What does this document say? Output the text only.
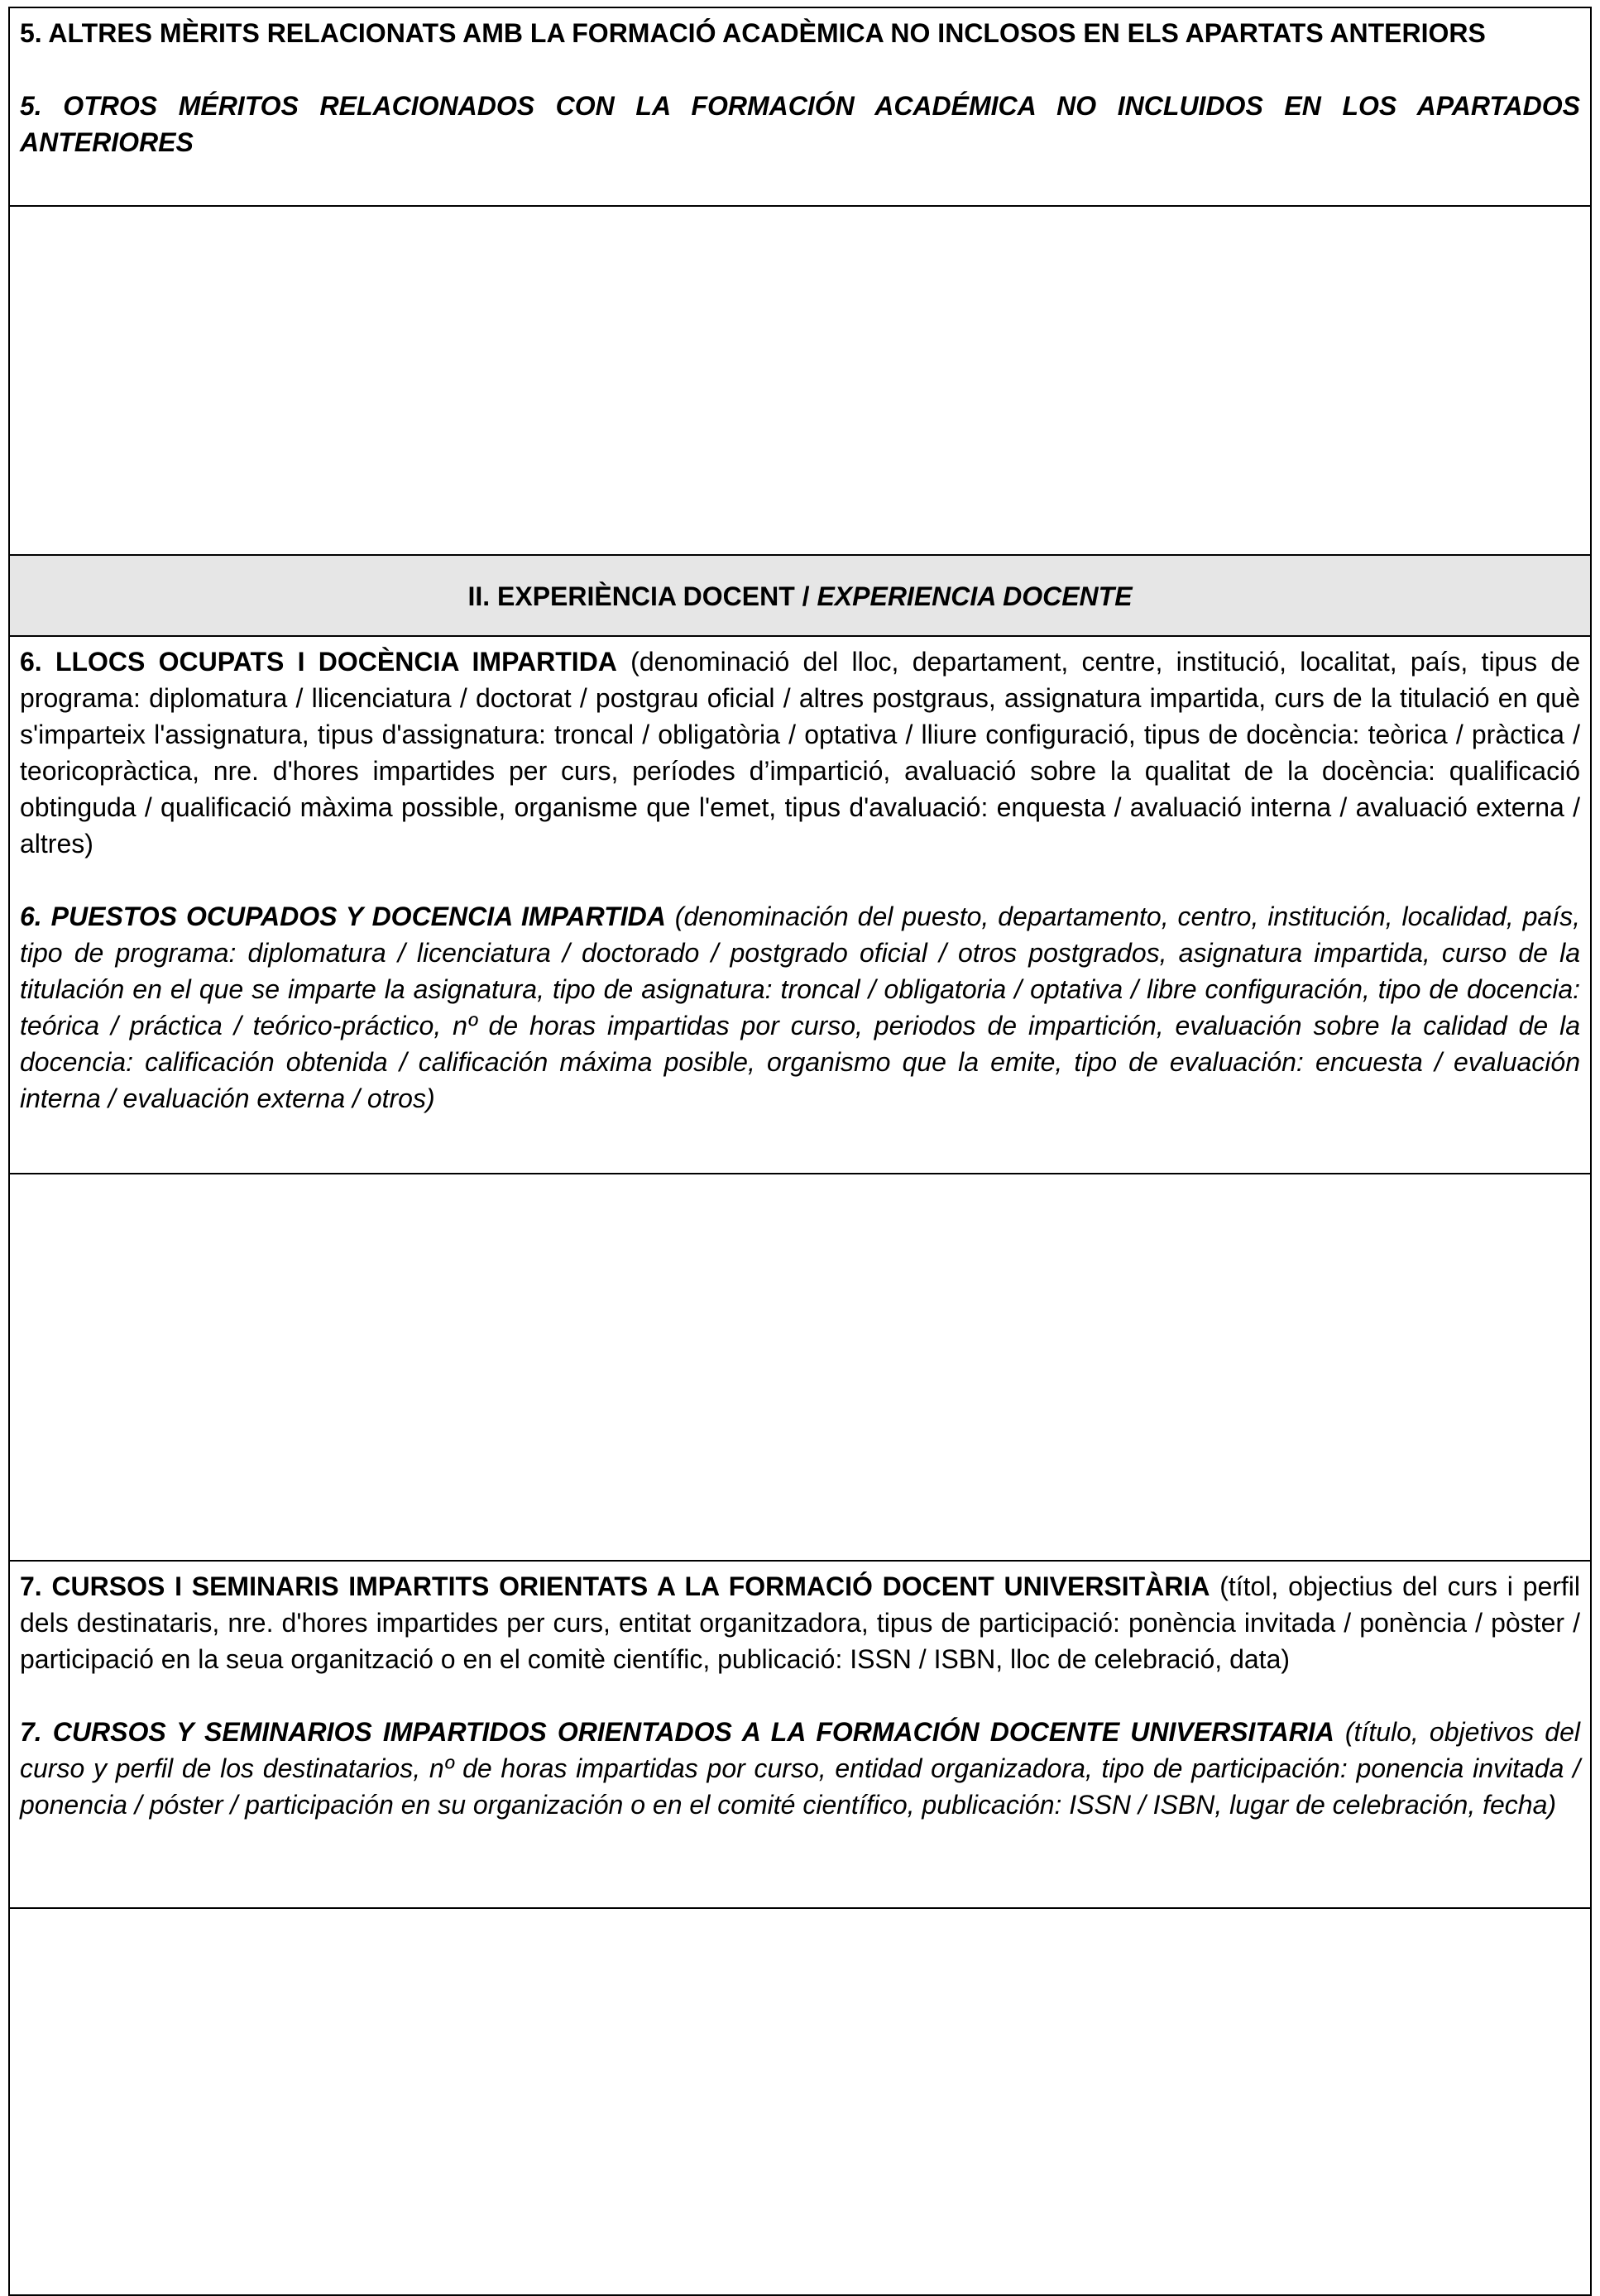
5. ALTRES MÈRITS RELACIONATS AMB LA FORMACIÓ ACADÈMICA NO INCLOSOS EN ELS APARTATS ANTERIORS
5. OTROS MÉRITOS RELACIONADOS CON LA FORMACIÓN ACADÉMICA NO INCLUIDOS EN LOS APARTADOS ANTERIORES
II. EXPERIÈNCIA DOCENT / EXPERIENCIA DOCENTE
6. LLOCS OCUPATS I DOCÈNCIA IMPARTIDA (denominació del lloc, departament, centre, institució, localitat, país, tipus de programa: diplomatura / llicenciatura / doctorat / postgrau oficial / altres postgraus, assignatura impartida, curs de la titulació en què s'imparteix l'assignatura, tipus d'assignatura: troncal / obligatòria / optativa / lliure configuració, tipus de docència: teòrica / pràctica / teoricopràctica, nre. d'hores impartides per curs, períodes d’impartició, avaluació sobre la qualitat de la docència: qualificació obtinguda / qualificació màxima possible, organisme que l'emet, tipus d'avaluació: enquesta / avaluació interna / avaluació externa / altres)
6. PUESTOS OCUPADOS Y DOCENCIA IMPARTIDA (denominación del puesto, departamento, centro, institución, localidad, país, tipo de programa: diplomatura / licenciatura / doctorado / postgrado oficial / otros postgrados, asignatura impartida, curso de la titulación en el que se imparte la asignatura, tipo de asignatura: troncal / obligatoria / optativa / libre configuración, tipo de docencia: teórica / práctica / teórico-práctico, nº de horas impartidas por curso, periodos de impartición, evaluación sobre la calidad de la docencia: calificación obtenida / calificación máxima posible, organismo que la emite, tipo de evaluación: encuesta / evaluación interna / evaluación externa / otros)
7. CURSOS I SEMINARIS IMPARTITS ORIENTATS A LA FORMACIÓ DOCENT UNIVERSITÀRIA (títol, objectius del curs i perfil dels destinataris, nre. d'hores impartides per curs, entitat organitzadora, tipus de participació: ponència invitada / ponència / pòster / participació en la seua organització o en el comitè científic, publicació: ISSN / ISBN, lloc de celebració, data)
7. CURSOS Y SEMINARIOS IMPARTIDOS ORIENTADOS A LA FORMACIÓN DOCENTE UNIVERSITARIA (título, objetivos del curso y perfil de los destinatarios, nº de horas impartidas por curso, entidad organizadora, tipo de participación: ponencia invitada / ponencia / póster / participación en su organización o en el comité científico, publicación: ISSN / ISBN, lugar de celebración, fecha)
